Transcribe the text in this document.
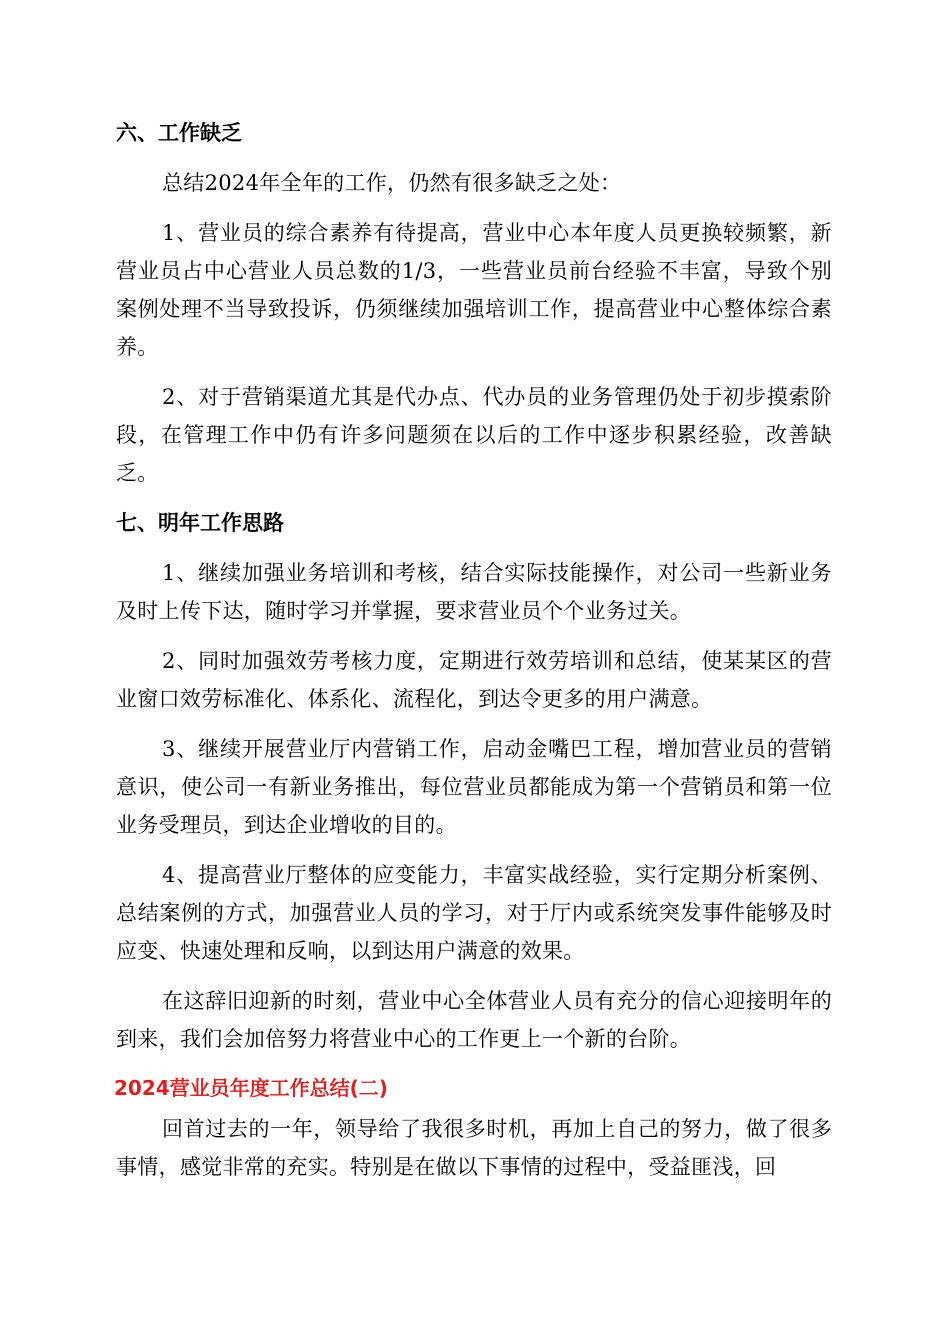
六、工作缺乏

总结2024年全年的工作，仍然有很多缺乏之处：

1、营业员的综合素养有待提高，营业中心本年度人员更换较频繁，新营业员占中心营业人员总数的1/3，一些营业员前台经验不丰富，导致个别案例处理不当导致投诉，仍须继续加强培训工作，提高营业中心整体综合素养。

2、对于营销渠道尤其是代办点、代办员的业务管理仍处于初步摸索阶段，在管理工作中仍有许多问题须在以后的工作中逐步积累经验，改善缺乏。

七、明年工作思路

1、继续加强业务培训和考核，结合实际技能操作，对公司一些新业务及时上传下达，随时学习并掌握，要求营业员个个业务过关。

2、同时加强效劳考核力度，定期进行效劳培训和总结，使某某区的营业窗口效劳标准化、体系化、流程化，到达令更多的用户满意。

3、继续开展营业厅内营销工作，启动金嘴巴工程，增加营业员的营销意识，使公司一有新业务推出，每位营业员都能成为第一个营销员和第一位业务受理员，到达企业增收的目的。

4、提高营业厅整体的应变能力，丰富实战经验，实行定期分析案例、总结案例的方式，加强营业人员的学习，对于厅内或系统突发事件能够及时应变、快速处理和反响，以到达用户满意的效果。

在这辞旧迎新的时刻，营业中心全体营业人员有充分的信心迎接明年的到来，我们会加倍努力将营业中心的工作更上一个新的台阶。

2024营业员年度工作总结(二)

回首过去的一年，领导给了我很多时机，再加上自己的努力，做了很多事情，感觉非常的充实。特别是在做以下事情的过程中，受益匪浅，回
